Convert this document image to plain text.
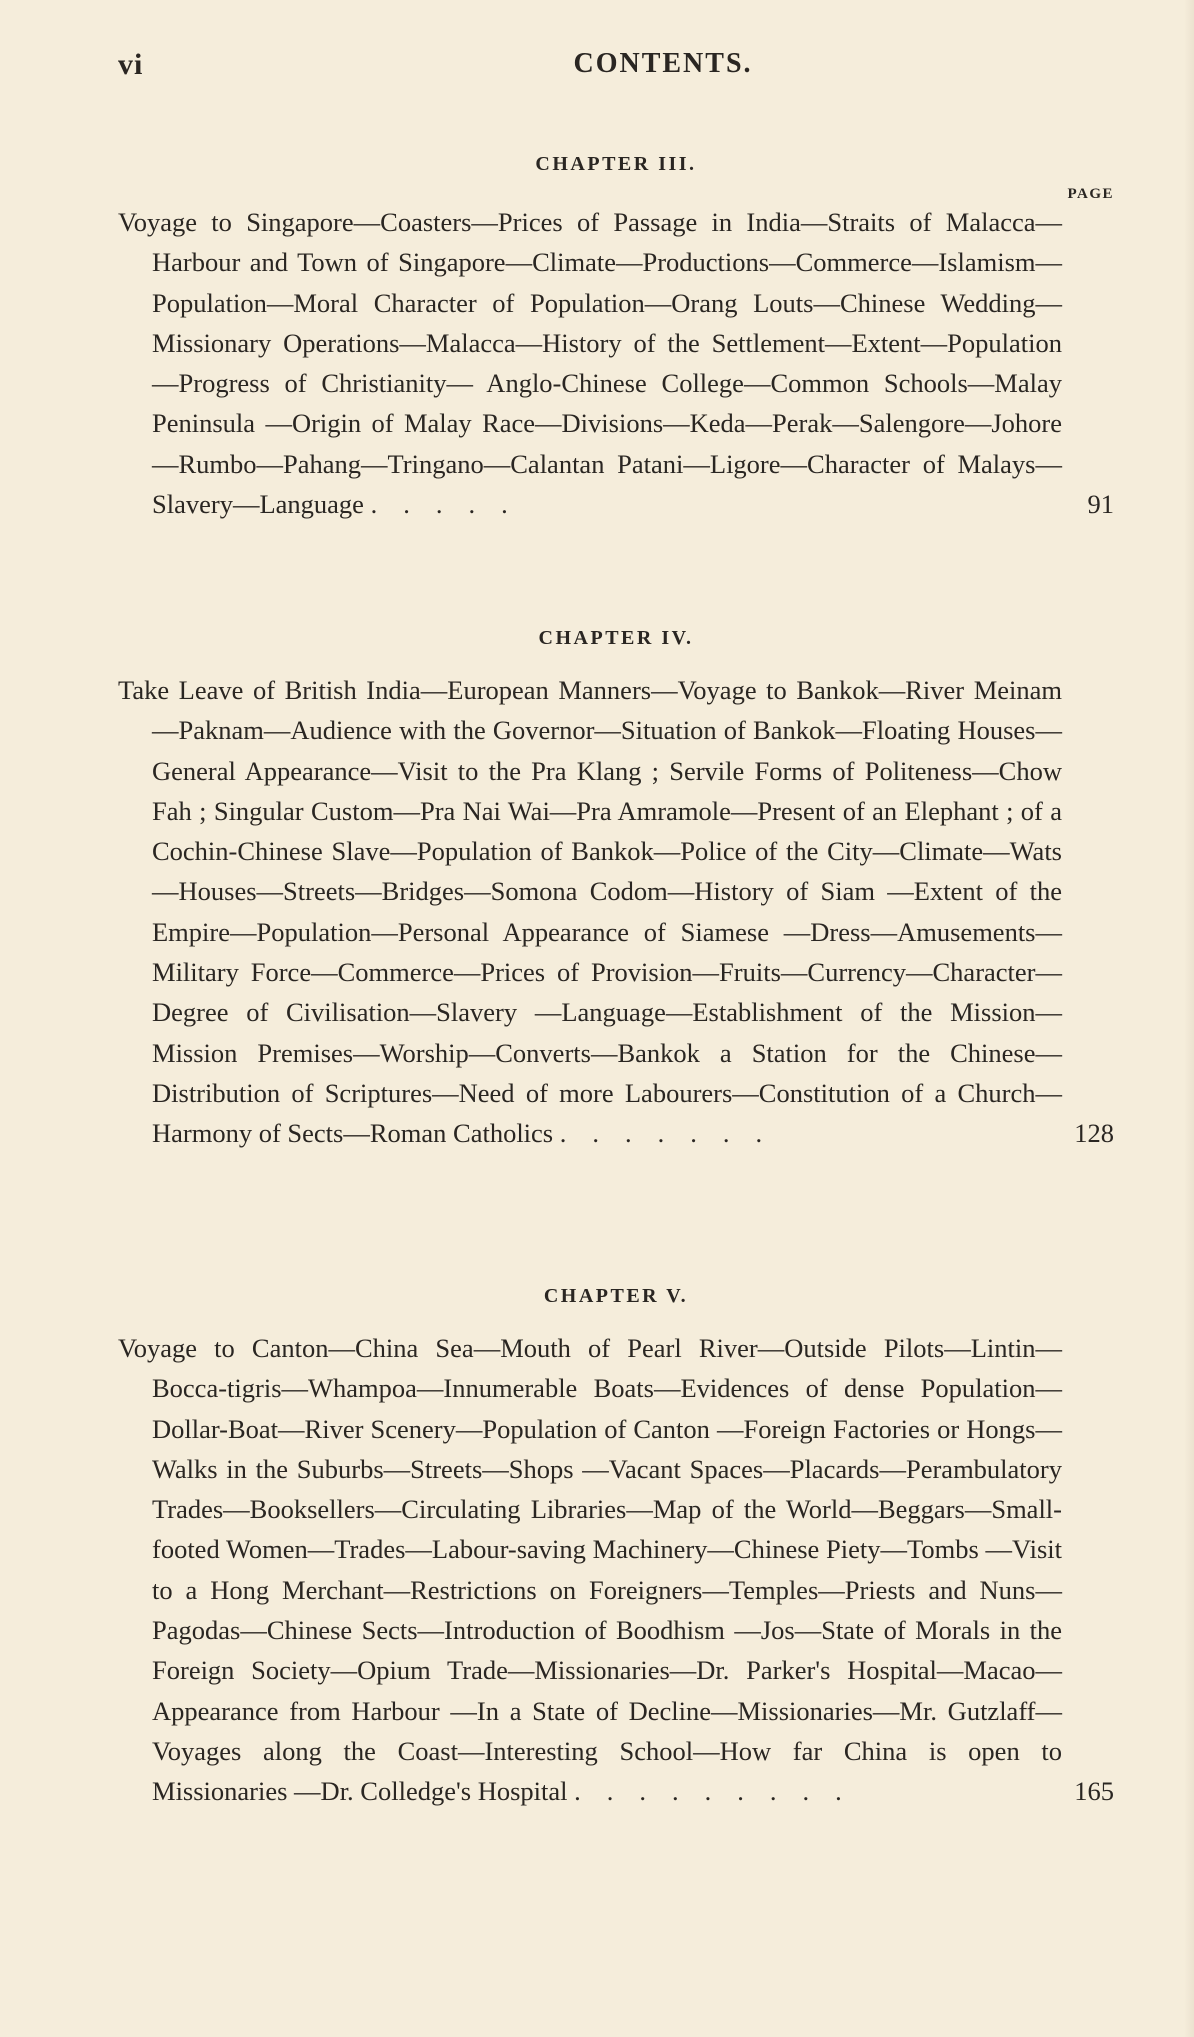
vi	CONTENTS.
CHAPTER III.
PAGE

Voyage to Singapore—Coasters—Prices of Passage in India—Straits of Malacca—Harbour and Town of Singapore—Climate—Productions—Commerce—Islamism—Population—Moral Character of Population—Orang Louts—Chinese Wedding—Missionary Operations—Malacca—History of the Settlement—Extent—Population—Progress of Christianity— Anglo-Chinese College—Common Schools—Malay Peninsula —Origin of Malay Race—Divisions—Keda—Perak—Salengore—Johore—Rumbo—Pahang—Tringano—Calantan Patani—Ligore—Character of Malays—Slavery—Language .....	91

CHAPTER IV.

Take Leave of British India—European Manners—Voyage to Bankok—River Meinam—Paknam—Audience with the Governor—Situation of Bankok—Floating Houses—General Appearance—Visit to the Pra Klang ; Servile Forms of Politeness—Chow Fah ; Singular Custom—Pra Nai Wai—Pra Amramole—Present of an Elephant ; of a Cochin-Chinese Slave—Population of Bankok—Police of the City—Climate—Wats—Houses—Streets—Bridges—Somona Codom—History of Siam —Extent of the Empire—Population—Personal Appearance of Siamese —Dress—Amusements—Military Force—Commerce—Prices of Provision—Fruits—Currency—Character—Degree of Civilisation—Slavery —Language—Establishment of the Mission—Mission Premises—Worship—Converts—Bankok a Station for the Chinese—Distribution of Scriptures—Need of more Labourers—Constitution of a Church—Harmony of Sects—Roman Catholics .......	128

CHAPTER V.

Voyage to Canton—China Sea—Mouth of Pearl River—Outside Pilots—Lintin—Bocca-tigris—Whampoa—Innumerable Boats—Evidences of dense Population—Dollar-Boat—River Scenery—Population of Canton —Foreign Factories or Hongs—Walks in the Suburbs—Streets—Shops —Vacant Spaces—Placards—Perambulatory Trades—Booksellers—Circulating Libraries—Map of the World—Beggars—Small-footed Women—Trades—Labour-saving Machinery—Chinese Piety—Tombs —Visit to a Hong Merchant—Restrictions on Foreigners—Temples—Priests and Nuns—Pagodas—Chinese Sects—Introduction of Boodhism —Jos—State of Morals in the Foreign Society—Opium Trade—Missionaries—Dr. Parker's Hospital—Macao—Appearance from Harbour —In a State of Decline—Missionaries—Mr. Gutzlaff—Voyages along the Coast—Interesting School—How far China is open to Missionaries —Dr. Colledge's Hospital .........	165
